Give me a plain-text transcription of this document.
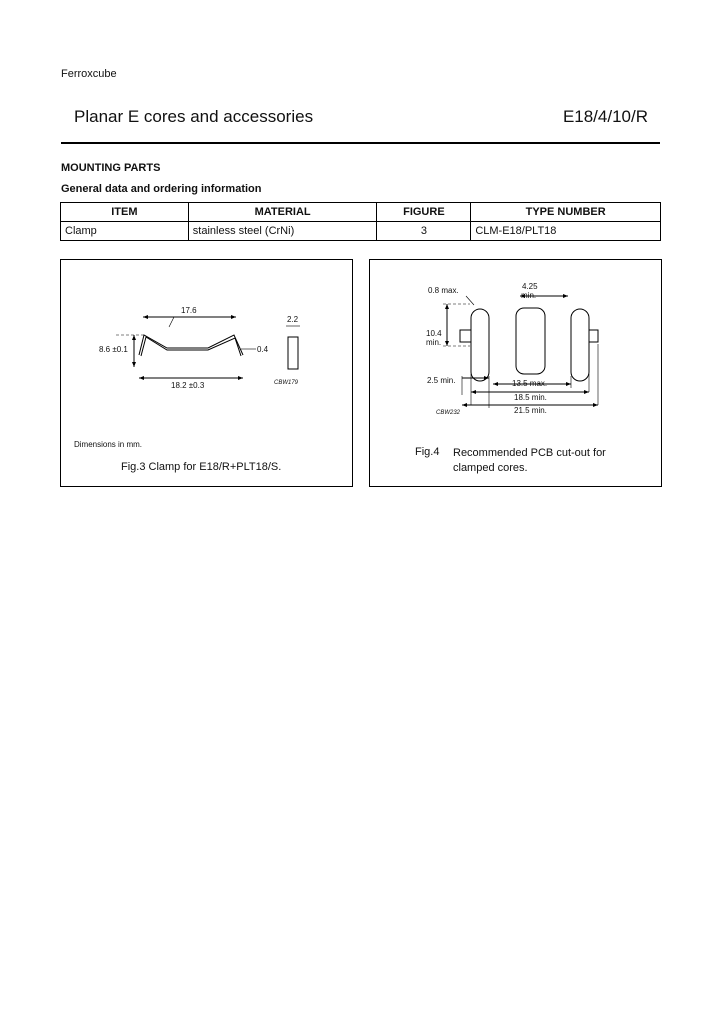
Ferroxcube
Planar E cores and accessories	E18/4/10/R
MOUNTING PARTS
General data and ordering information
ITEM	MATERIAL	FIGURE	TYPE NUMBER
Clamp	stainless steel (CrNi)	3	CLM-E18/PLT18
17.6
8.6 ±0.1	0.4
18.2 ±0.3
2.2
CBW179
Dimensions in mm.
Fig.3 Clamp for E18/R+PLT18/S.
0.8 max.	4.25
min.
10.4
min.
2.5 min.	13.5 max.
18.5 min.
21.5 min.
CBW232
Fig.4 Recommended PCB cut-out for
clamped cores.
